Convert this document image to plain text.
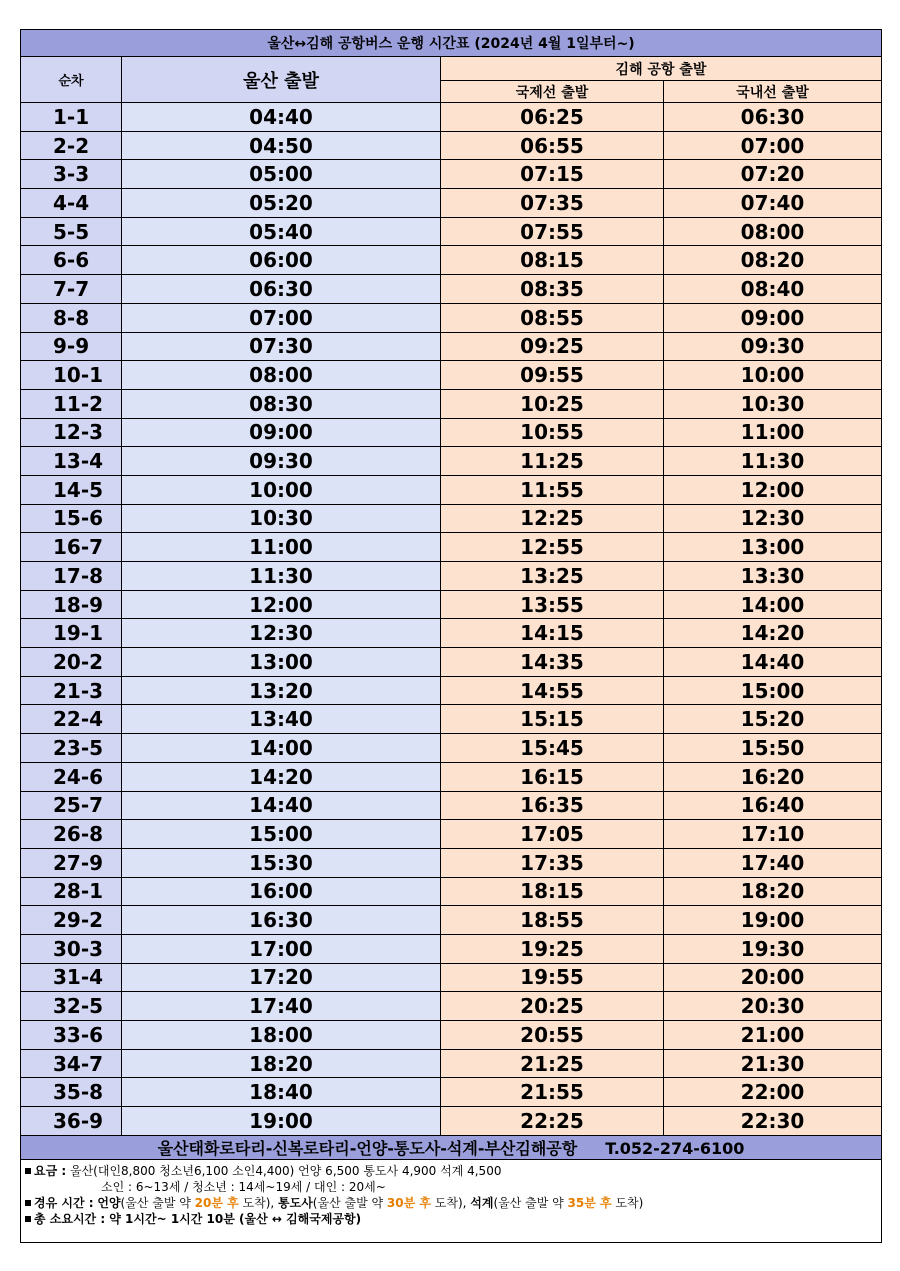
울산↔김해 공항버스 운행 시간표 (2024년 4월 1일부터~)			
순차	울산 출발	김해 공항 출발	
		국제선 출발	국내선 출발
1-1	04:40	06:25	06:30
2-2	04:50	06:55	07:00
3-3	05:00	07:15	07:20
4-4	05:20	07:35	07:40
5-5	05:40	07:55	08:00
6-6	06:00	08:15	08:20
7-7	06:30	08:35	08:40
8-8	07:00	08:55	09:00
9-9	07:30	09:25	09:30
10-1	08:00	09:55	10:00
11-2	08:30	10:25	10:30
12-3	09:00	10:55	11:00
13-4	09:30	11:25	11:30
14-5	10:00	11:55	12:00
15-6	10:30	12:25	12:30
16-7	11:00	12:55	13:00
17-8	11:30	13:25	13:30
18-9	12:00	13:55	14:00
19-1	12:30	14:15	14:20
20-2	13:00	14:35	14:40
21-3	13:20	14:55	15:00
22-4	13:40	15:15	15:20
23-5	14:00	15:45	15:50
24-6	14:20	16:15	16:20
25-7	14:40	16:35	16:40
26-8	15:00	17:05	17:10
27-9	15:30	17:35	17:40
28-1	16:00	18:15	18:20
29-2	16:30	18:55	19:00
30-3	17:00	19:25	19:30
31-4	17:20	19:55	20:00
32-5	17:40	20:25	20:30
33-6	18:00	20:55	21:00
34-7	18:20	21:25	21:30
35-8	18:40	21:55	22:00
36-9	19:00	22:25	22:30
울산태화로타리-신복로타리-언양-통도사-석계-부산김해공항 T.052-274-6100			

요금 : 울산(대인8,800 청소년6,100 소인4,400) 언양 6,500 통도사 4,900 석계 4,500
소인 : 6~13세 / 청소년 : 14세~19세 / 대인 : 20세~
경유 시간 : 언양(울산 출발 약 20분 후 도착), 통도사(울산 출발 약 30분 후 도착), 석계(울산 출발 약 35분 후 도착)
총 소요시간 : 약 1시간~ 1시간 10분 (울산 ↔ 김해국제공항)			
